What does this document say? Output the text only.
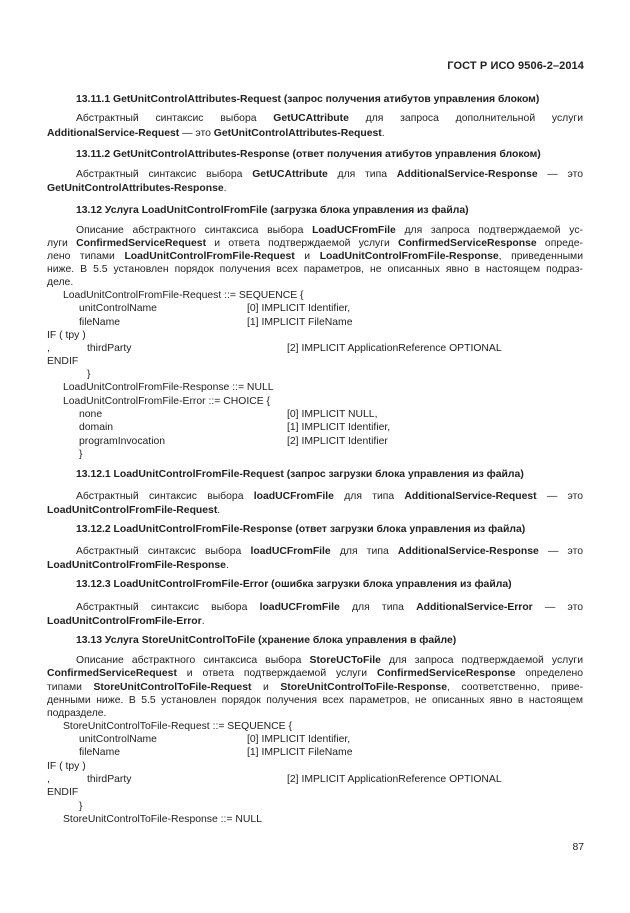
ГОСТ Р ИСО 9506-2–2014
13.11.1 GetUnitControlAttributes-Request (запрос получения атибутов управления блоком)
Абстрактный синтаксис выбора GetUCAttribute для запроса дополнительной услуги
AdditionalService-Request — это GetUnitControlAttributes-Request.
13.11.2 GetUnitControlAttributes-Response (ответ получения атибутов управления блоком)
Абстрактный синтаксис выбора GetUCAttribute для типа AdditionalService-Response — это
GetUnitControlAttributes-Response.
13.12 Услуга LoadUnitControlFromFile (загрузка блока управления из файла)
Описание абстрактного синтаксиса выбора LoadUCFromFile для запроса подтверждаемой ус-
луги ConfirmedServiceRequest и ответа подтверждаемой услуги ConfirmedServiceResponse опреде-
лено типами LoadUnitControlFromFile-Request и LoadUnitControlFromFile-Response, приведенными
ниже. В 5.5 установлен порядок получения всех параметров, не описанных явно в настоящем подраз-
деле.
LoadUnitControlFromFile-Request ::= SEQUENCE {
unitControlName	[0] IMPLICIT Identifier,
fileName	[1] IMPLICIT FileName
IF ( tpy )
,	thirdParty	[2] IMPLICIT ApplicationReference OPTIONAL
ENDIF
}
LoadUnitControlFromFile-Response ::= NULL
LoadUnitControlFromFile-Error ::= CHOICE {
none	[0] IMPLICIT NULL,
domain	[1] IMPLICIT Identifier,
programInvocation	[2] IMPLICIT Identifier
}
13.12.1 LoadUnitControlFromFile-Request (запрос загрузки блока управления из файла)
Абстрактный синтаксис выбора loadUCFromFile для типа AdditionalService-Request — это
LoadUnitControlFromFile-Request.
13.12.2 LoadUnitControlFromFile-Response (ответ загрузки блока управления из файла)
Абстрактный синтаксис выбора loadUCFromFile для типа AdditionalService-Response — это
LoadUnitControlFromFile-Response.
13.12.3 LoadUnitControlFromFile-Error (ошибка загрузки блока управления из файла)
Абстрактный синтаксис выбора loadUCFromFile для типа AdditionalService-Error — это
LoadUnitControlFromFile-Error.
13.13 Услуга StoreUnitControlToFile (хранение блока управления в файле)
Описание абстрактного синтаксиса выбора StoreUCToFile для запроса подтверждаемой услуги
ConfirmedServiceRequest и ответа подтверждаемой услуги ConfirmedServiceResponse определено
типами StoreUnitControlToFile-Request и StoreUnitControlToFile-Response, соответственно, приве-
денными ниже. В 5.5 установлен порядок получения всех параметров, не описанных явно в настоящем
подразделе.
StoreUnitControlToFile-Request ::= SEQUENCE {
unitControlName	[0] IMPLICIT Identifier,
fileName	[1] IMPLICIT FileName
IF ( tpy )
,	thirdParty	[2] IMPLICIT ApplicationReference OPTIONAL
ENDIF
}
StoreUnitControlToFile-Response ::= NULL
87
